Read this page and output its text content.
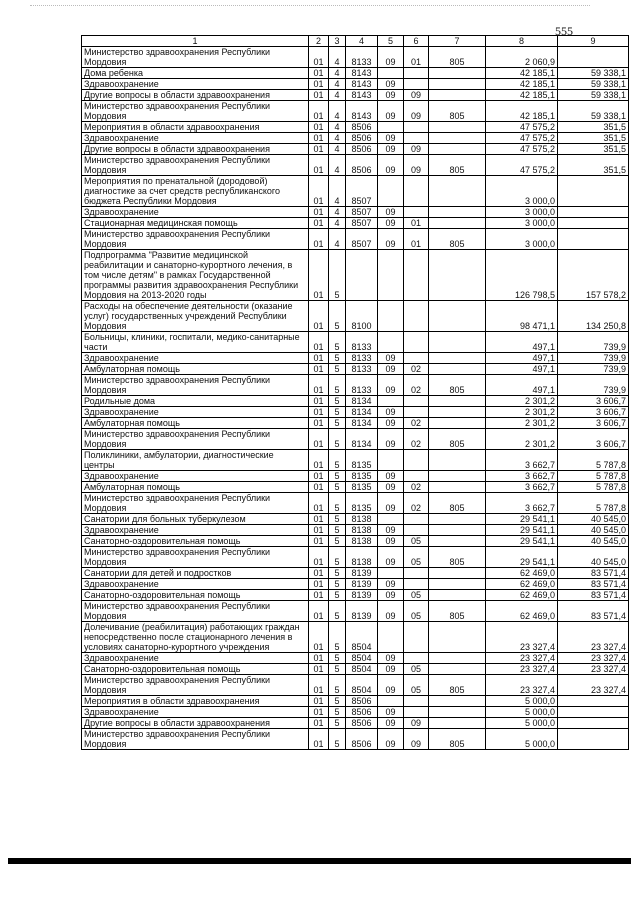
555
1	2	3	4	5	6	7	8	9
Министерство здравоохранения Республики Мордовия	01	4	8133	09	01	805	2 060,9	
Дома ребенка	01	4	8143				42 185,1	59 338,1
Здравоохранение	01	4	8143	09			42 185,1	59 338,1
Другие вопросы в области здравоохранения	01	4	8143	09	09		42 185,1	59 338,1
Министерство здравоохранения Республики Мордовия	01	4	8143	09	09	805	42 185,1	59 338,1
Мероприятия в области здравоохранения	01	4	8506				47 575,2	351,5
Здравоохранение	01	4	8506	09			47 575,2	351,5
Другие вопросы в области здравоохранения	01	4	8506	09	09		47 575,2	351,5
Министерство здравоохранения Республики Мордовия	01	4	8506	09	09	805	47 575,2	351,5
Мероприятия по пренатальной (дородовой) диагностике за счет средств республиканского бюджета Республики Мордовия	01	4	8507				3 000,0	
Здравоохранение	01	4	8507	09			3 000,0	
Стационарная медицинская помощь	01	4	8507	09	01		3 000,0	
Министерство здравоохранения Республики Мордовия	01	4	8507	09	01	805	3 000,0	
Подпрограмма "Развитие медицинской реабилитации и санаторно-курортного лечения, в том числе детям" в рамках Государственной программы развития здравоохранения Республики Мордовия на 2013-2020 годы	01	5					126 798,5	157 578,2
Расходы на обеспечение деятельности (оказание услуг) государственных учреждений Республики Мордовия	01	5	8100				98 471,1	134 250,8
Больницы, клиники, госпитали, медико-санитарные части	01	5	8133				497,1	739,9
Здравоохранение	01	5	8133	09			497,1	739,9
Амбулаторная помощь	01	5	8133	09	02		497,1	739,9
Министерство здравоохранения Республики Мордовия	01	5	8133	09	02	805	497,1	739,9
Родильные дома	01	5	8134				2 301,2	3 606,7
Здравоохранение	01	5	8134	09			2 301,2	3 606,7
Амбулаторная помощь	01	5	8134	09	02		2 301,2	3 606,7
Министерство здравоохранения Республики Мордовия	01	5	8134	09	02	805	2 301,2	3 606,7
Поликлиники, амбулатории, диагностические центры	01	5	8135				3 662,7	5 787,8
Здравоохранение	01	5	8135	09			3 662,7	5 787,8
Амбулаторная помощь	01	5	8135	09	02		3 662,7	5 787,8
Министерство здравоохранения Республики Мордовия	01	5	8135	09	02	805	3 662,7	5 787,8
Санатории для больных туберкулезом	01	5	8138				29 541,1	40 545,0
Здравоохранение	01	5	8138	09			29 541,1	40 545,0
Санаторно-оздоровительная помощь	01	5	8138	09	05		29 541,1	40 545,0
Министерство здравоохранения Республики Мордовия	01	5	8138	09	05	805	29 541,1	40 545,0
Санатории для детей и подростков	01	5	8139				62 469,0	83 571,4
Здравоохранение	01	5	8139	09			62 469,0	83 571,4
Санаторно-оздоровительная помощь	01	5	8139	09	05		62 469,0	83 571,4
Министерство здравоохранения Республики Мордовия	01	5	8139	09	05	805	62 469,0	83 571,4
Долечивание (реабилитация) работающих граждан непосредственно после стационарного лечения в условиях санаторно-курортного учреждения	01	5	8504				23 327,4	23 327,4
Здравоохранение	01	5	8504	09			23 327,4	23 327,4
Санаторно-оздоровительная помощь	01	5	8504	09	05		23 327,4	23 327,4
Министерство здравоохранения Республики Мордовия	01	5	8504	09	05	805	23 327,4	23 327,4
Мероприятия в области здравоохранения	01	5	8506				5 000,0	
Здравоохранение	01	5	8506	09			5 000,0	
Другие вопросы в области здравоохранения	01	5	8506	09	09		5 000,0	
Министерство здравоохранения Республики Мордовия	01	5	8506	09	09	805	5 000,0	
